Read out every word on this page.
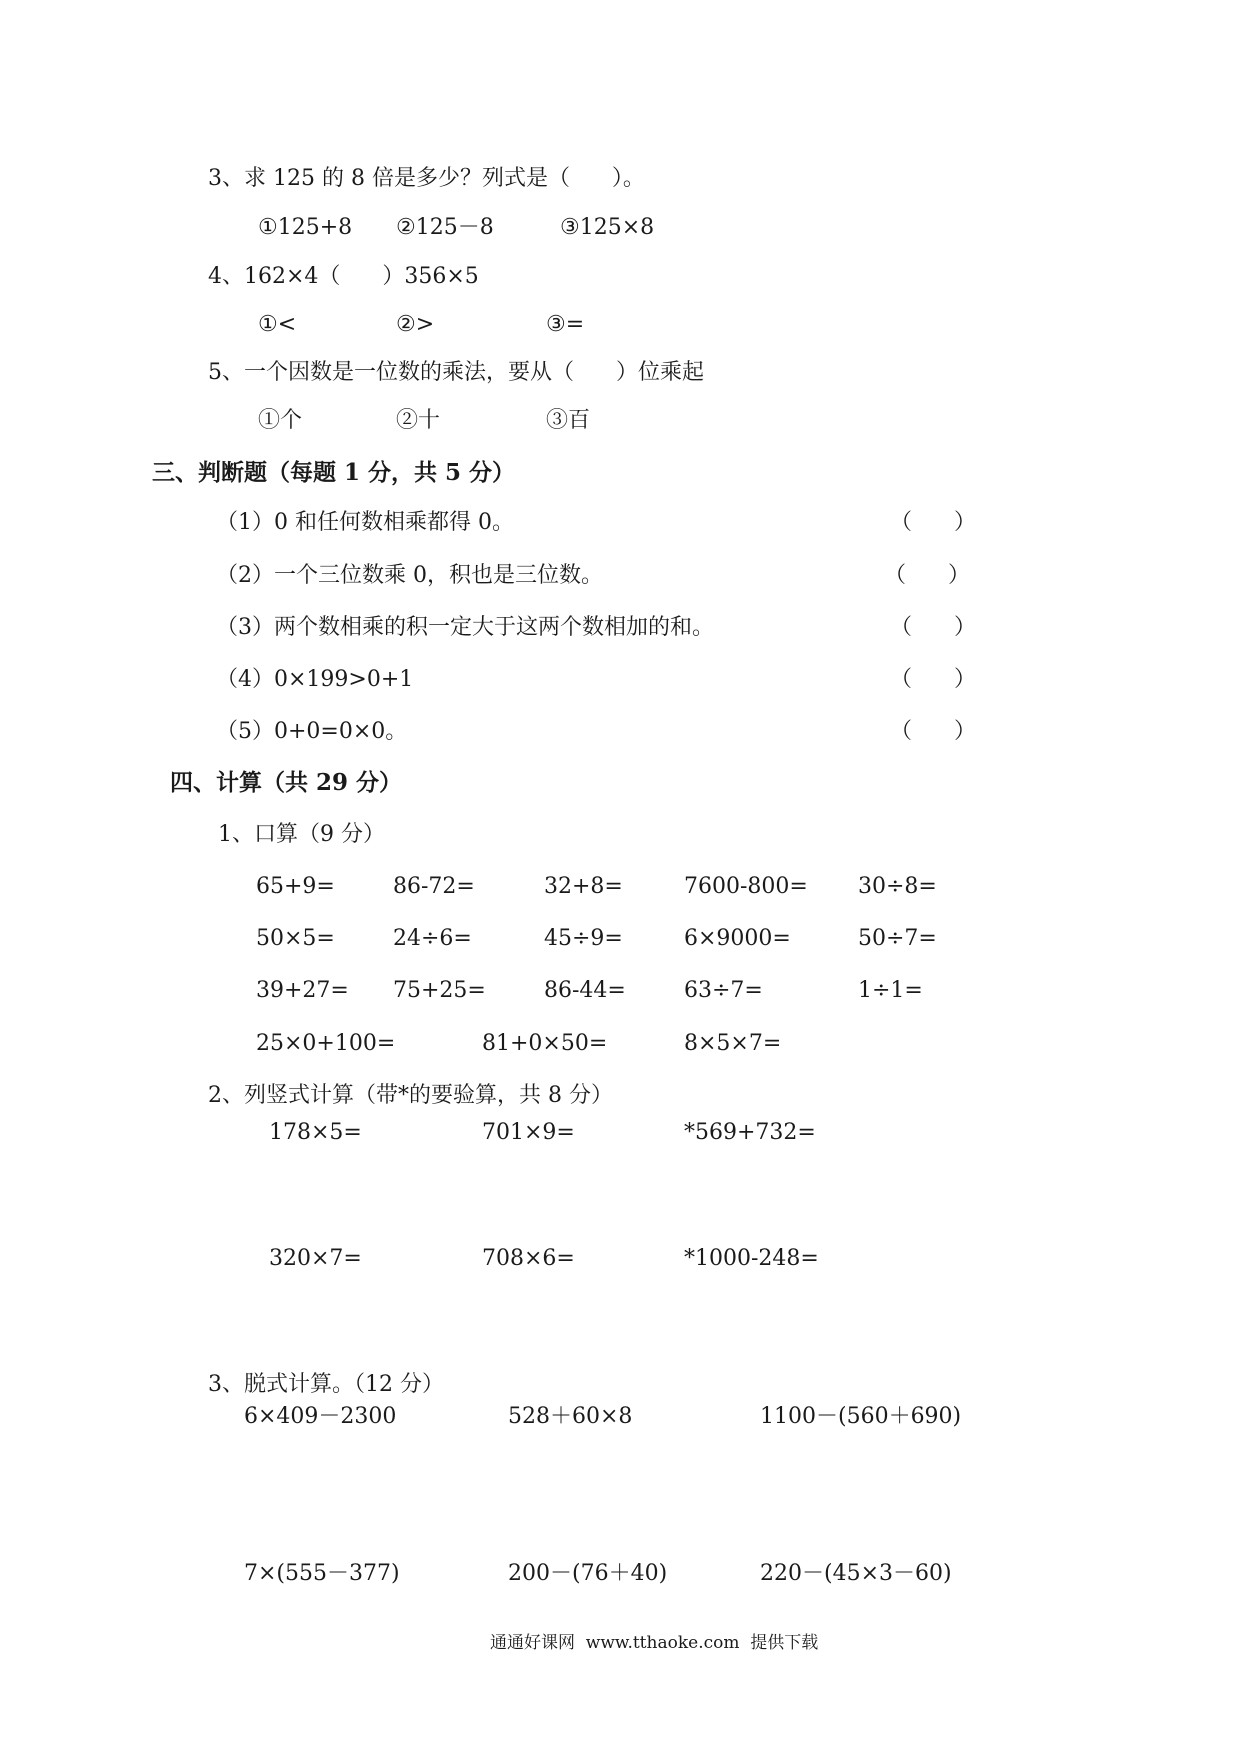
3、求 125 的 8 倍是多少？列式是（      ）。
①125+8 ②125－8	③125×8
4、162×4（      ）356×5
①<	②>	③=
5、一个因数是一位数的乘法，要从（      ）位乘起
①个	②十	③百
三、判断题（每题 1 分，共 5 分）
（1）0 和任何数相乘都得 0。	（      ）
（2）一个三位数乘 0，积也是三位数。	（      ）
（3）两个数相乘的积一定大于这两个数相加的和。	（      ）
（4）0×199>0+1	（      ）
（5）0+0=0×0。	（      ）
四、计算（共 29 分）
1、口算（9 分）
65+9=	86-72=	32+8=	7600-800= 30÷8=
50×5=	24÷6=	45÷9=	6×9000=	50÷7=
39+27= 75+25=	86-44=	63÷7=	1÷1=
25×0+100=	81+0×50=	8×5×7=
2、列竖式计算（带*的要验算，共 8 分）
178×5=	701×9=	*569+732=
320×7=	708×6=	*1000-248=
3、脱式计算。（12 分）
6×409－2300	528＋60×8	1100－(560＋690)
7×(555－377)	200－(76＋40)	220－(45×3－60)
通通好课网  www.tthaoke.com  提供下载
